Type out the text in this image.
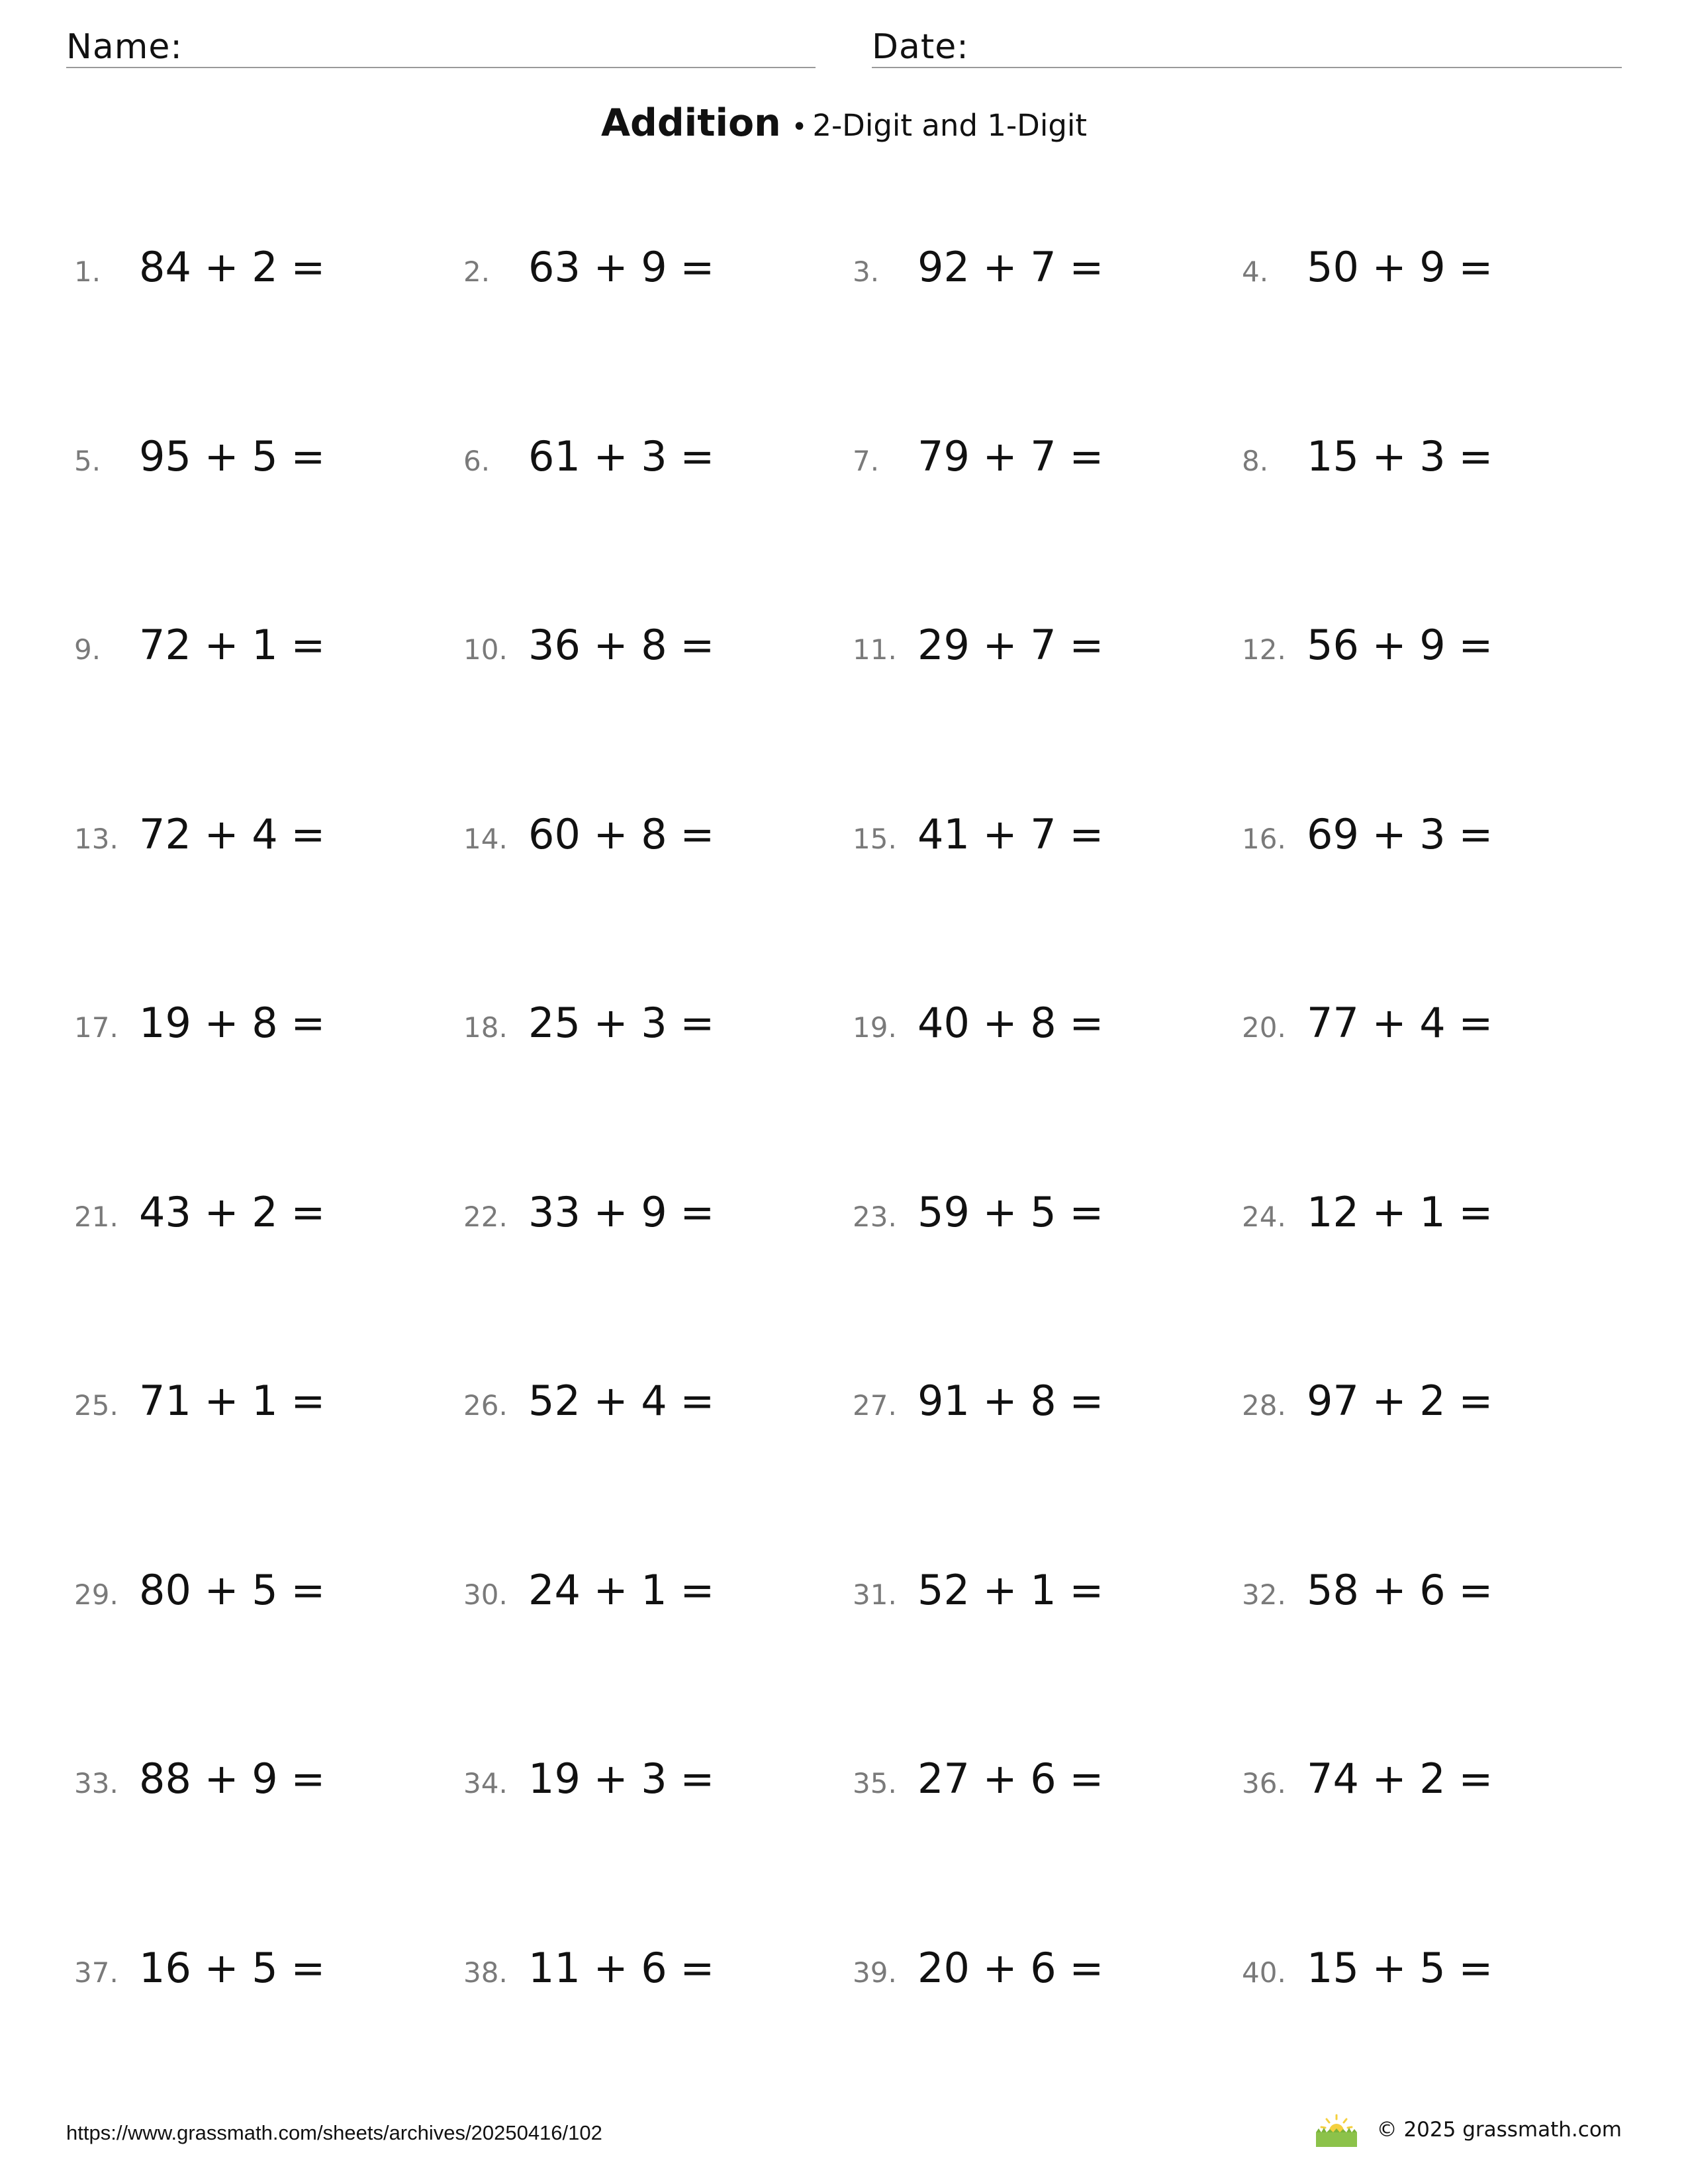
Name:	Date:
Addition • 2-Digit and 1-Digit
1. 84 + 2 =	2. 63 + 9 =	3. 92 + 7 =	4. 50 + 9 =
5. 95 + 5 =	6. 61 + 3 =	7. 79 + 7 =	8. 15 + 3 =
9. 72 + 1 =	10. 36 + 8 =	11. 29 + 7 =	12. 56 + 9 =
13. 72 + 4 =	14. 60 + 8 =	15. 41 + 7 =	16. 69 + 3 =
17. 19 + 8 =	18. 25 + 3 =	19. 40 + 8 =	20. 77 + 4 =
21. 43 + 2 =	22. 33 + 9 =	23. 59 + 5 =	24. 12 + 1 =
25. 71 + 1 =	26. 52 + 4 =	27. 91 + 8 =	28. 97 + 2 =
29. 80 + 5 =	30. 24 + 1 =	31. 52 + 1 =	32. 58 + 6 =
33. 88 + 9 =	34. 19 + 3 =	35. 27 + 6 =	36. 74 + 2 =
37. 16 + 5 =	38. 11 + 6 =	39. 20 + 6 =	40. 15 + 5 =
https://www.grassmath.com/sheets/archives/20250416/102	© 2025 grassmath.com
